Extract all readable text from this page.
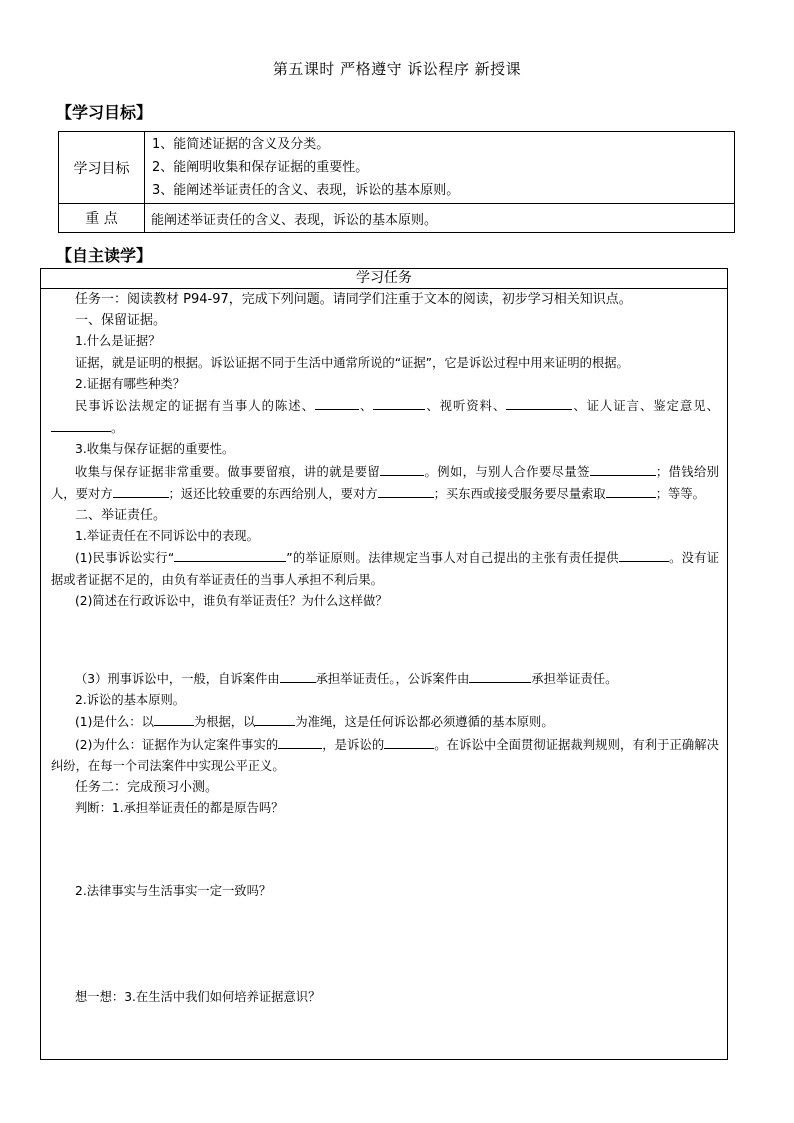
第五课时 严格遵守 诉讼程序 新授课
【学习目标】
学习目标	1、能简述证据的含义及分类。
2、能阐明收集和保存证据的重要性。
3、能阐述举证责任的含义、表现，诉讼的基本原则。

重 点	能阐述举证责任的含义、表现，诉讼的基本原则。
【自主读学】
学习任务

任务一：阅读教材 P94-97，完成下列问题。请同学们注重于文本的阅读，初步学习相关知识点。

一、保留证据。

1.什么是证据？

证据，就是证明的根据。诉讼证据不同于生活中通常所说的“证据”，它是诉讼过程中用来证明的根据。

2.证据有哪些种类？

民事诉讼法规定的证据有当事人的陈述、	、	、视听资料、	、证人证言、鉴定意见、。

3.收集与保存证据的重要性。

收集与保存证据非常重要。做事要留痕，讲的就是要留	。例如，与别人合作要尽量签	；借钱给别人，要对方	；返还比较重要的东西给别人，要对方	；买东西或接受服务要尽量索取	；等等。

二、举证责任。

1.举证责任在不同诉讼中的表现。

(1)民事诉讼实行“	”的举证原则。法律规定当事人对自己提出的主张有责任提供	。没有证据或者证据不足的，由负有举证责任的当事人承担不利后果。

(2)简述在行政诉讼中，谁负有举证责任？为什么这样做？

（3）刑事诉讼中，一般，自诉案件由	承担举证责任。，公诉案件由	承担举证责任。

2.诉讼的基本原则。

(1)是什么：以	为根据，以	为准绳，这是任何诉讼都必须遵循的基本原则。

(2)为什么：证据作为认定案件事实的	，是诉讼的	。在诉讼中全面贯彻证据裁判规则，有利于正确解决纠纷，在每一个司法案件中实现公平正义。

任务二：完成预习小测。

判断：1.承担举证责任的都是原告吗？

2.法律事实与生活事实一定一致吗？

想一想：3.在生活中我们如何培养证据意识？
